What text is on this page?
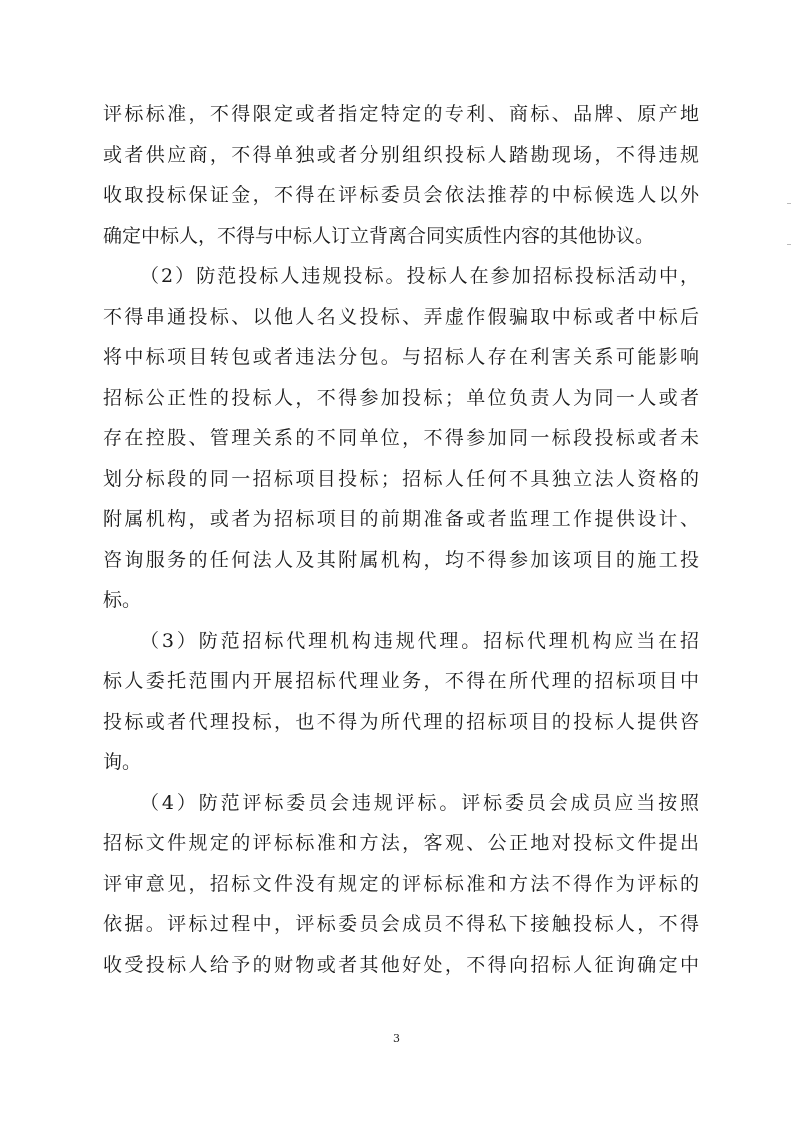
评标标准，不得限定或者指定特定的专利、商标、品牌、原产地
或者供应商，不得单独或者分别组织投标人踏勘现场，不得违规
收取投标保证金，不得在评标委员会依法推荐的中标候选人以外
确定中标人，不得与中标人订立背离合同实质性内容的其他协议。
（2）防范投标人违规投标。投标人在参加招标投标活动中，
不得串通投标、以他人名义投标、弄虚作假骗取中标或者中标后
将中标项目转包或者违法分包。与招标人存在利害关系可能影响
招标公正性的投标人，不得参加投标；单位负责人为同一人或者
存在控股、管理关系的不同单位，不得参加同一标段投标或者未
划分标段的同一招标项目投标；招标人任何不具独立法人资格的
附属机构，或者为招标项目的前期准备或者监理工作提供设计、
咨询服务的任何法人及其附属机构，均不得参加该项目的施工投
标。
（3）防范招标代理机构违规代理。招标代理机构应当在招
标人委托范围内开展招标代理业务，不得在所代理的招标项目中
投标或者代理投标，也不得为所代理的招标项目的投标人提供咨
询。
（4）防范评标委员会违规评标。评标委员会成员应当按照
招标文件规定的评标标准和方法，客观、公正地对投标文件提出
评审意见，招标文件没有规定的评标标准和方法不得作为评标的
依据。评标过程中，评标委员会成员不得私下接触投标人，不得
收受投标人给予的财物或者其他好处，不得向招标人征询确定中
3
